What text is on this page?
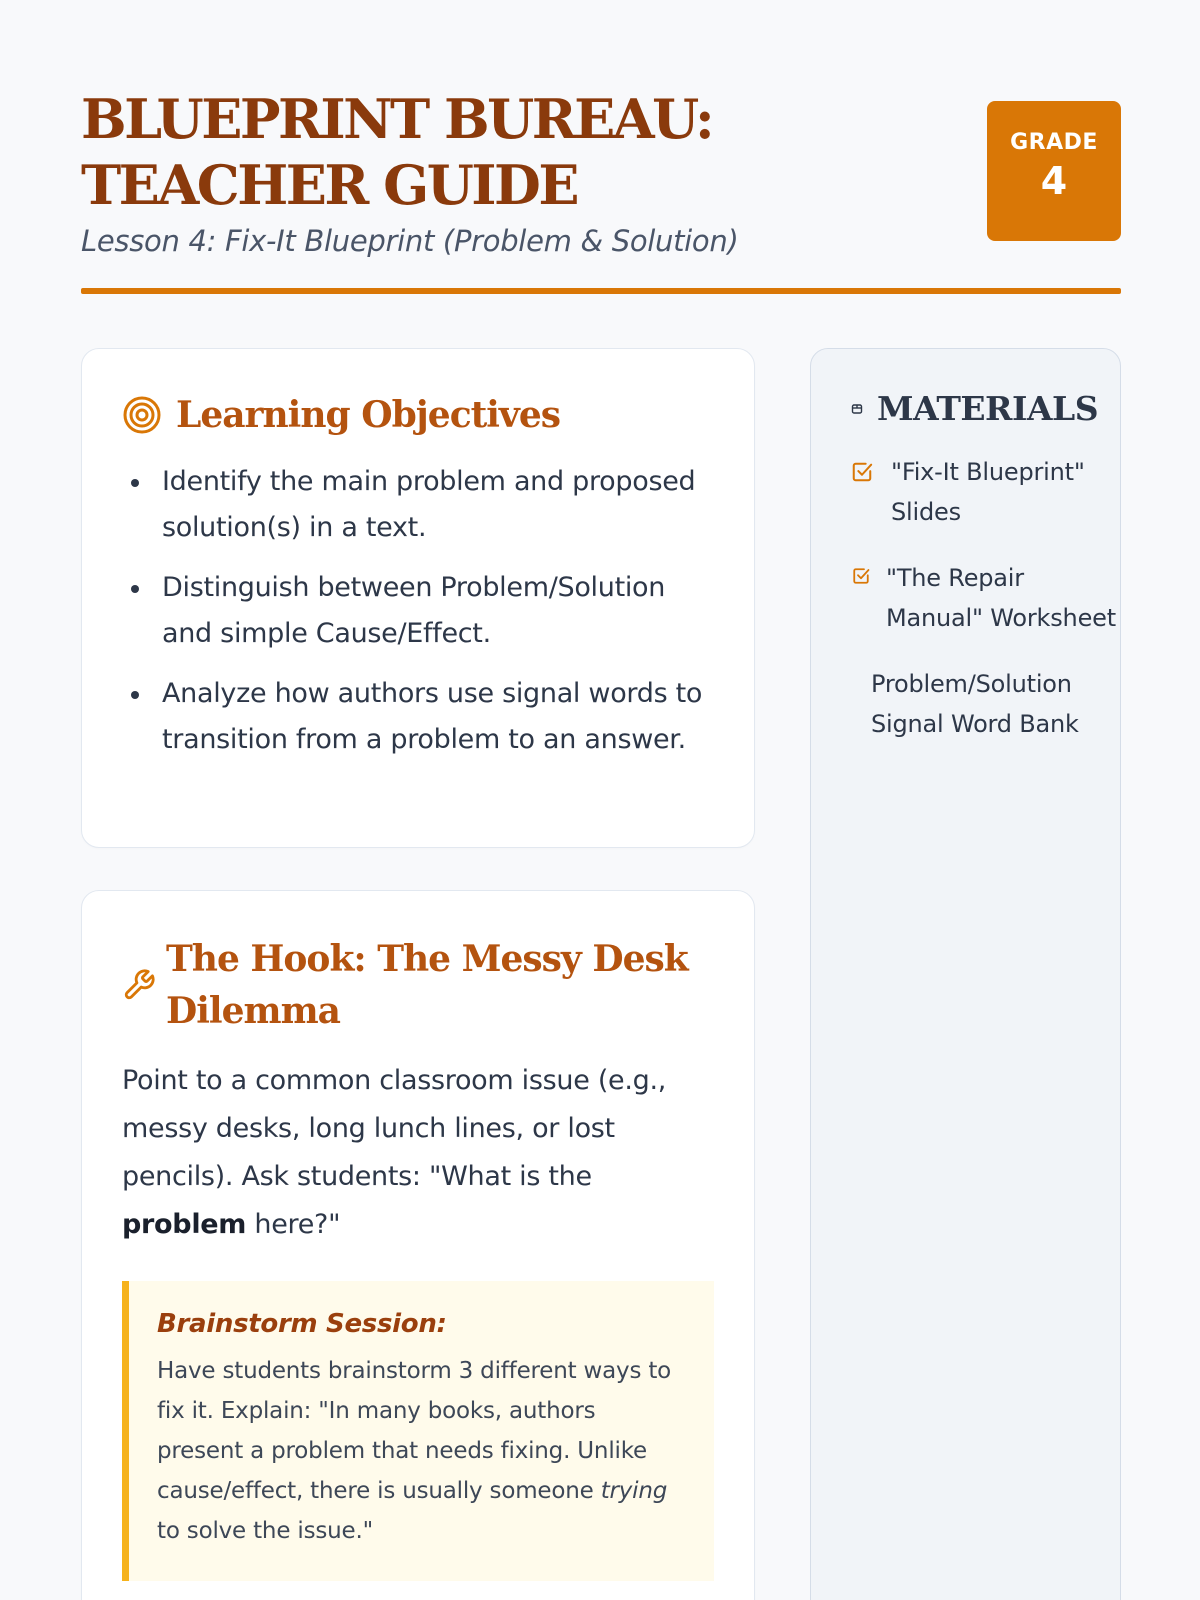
BLUEPRINT BUREAU: TEACHER GUIDE
Lesson 4: Fix-It Blueprint (Problem & Solution)
GRADE
4
Learning Objectives
Identify the main problem and proposed solution(s) in a text.
Distinguish between Problem/Solution and simple Cause/Effect.
Analyze how authors use signal words to transition from a problem to an answer.
The Hook: The Messy Desk Dilemma

Point to a common classroom issue (e.g., messy desks, long lunch lines, or lost pencils). Ask students: "What is the problem here?"

Brainstorm Session:

Have students brainstorm 3 different ways to fix it. Explain: "In many books, authors present a problem that needs fixing. Unlike cause/effect, there is usually someone trying to solve the issue."

MATERIALS
"Fix-It Blueprint" Slides
"The Repair Manual" Worksheet
Problem/Solution Signal Word Bank
